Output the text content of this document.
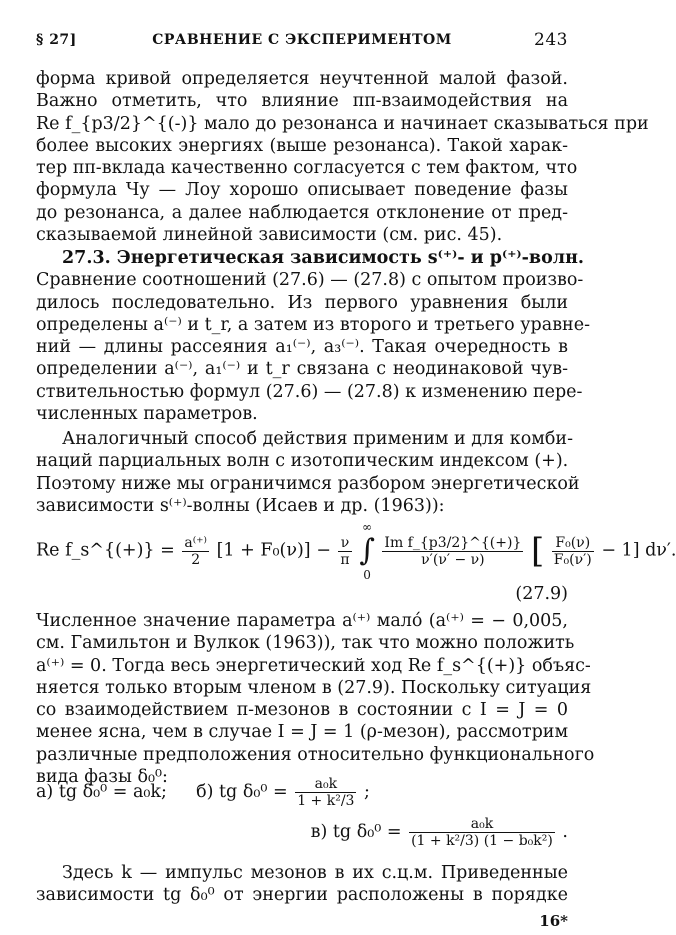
§ 27]	СРАВНЕНИЕ С ЭКСПЕРИМЕНТОМ	243
форма кривой определяется неучтенной малой фазой.
Важно отметить, что влияние ππ-взаимодействия на
Re f_{p3/2}^{(-)} мало до резонанса и начинает сказываться при
более высоких энергиях (выше резонанса). Такой харак-
тер ππ-вклада качественно согласуется с тем фактом, что
формула Чу — Лоу хорошо описывает поведение фазы
до резонанса, а далее наблюдается отклонение от пред-
сказываемой линейной зависимости (см. рис. 45).
27.3. Энергетическая зависимость s⁽⁺⁾- и p⁽⁺⁾-волн.
Сравнение соотношений (27.6) — (27.8) с опытом произво-
дилось последовательно. Из первого уравнения были
определены a⁽⁻⁾ и t_r, а затем из второго и третьего уравне-
ний — длины рассеяния a₁⁽⁻⁾, a₃⁽⁻⁾. Такая очередность в
определении a⁽⁻⁾, a₁⁽⁻⁾ и t_r связана с неодинаковой чув-
ствительностью формул (27.6) — (27.8) к изменению пере-
численных параметров.
Аналогичный способ действия применим и для комби-
наций парциальных волн с изотопическим индексом (+).
Поэтому ниже мы ограничимся разбором энергетической
зависимости s⁽⁺⁾-волны (Исаев и др. (1963)):
Re f_s^{(+)} = $\frac{a^{(+)}}{2} [1 + F_0(\nu)] - \frac{\nu}{\pi}$

∞
∫
0

$\frac{\text{Im f\_\{p3/2\}\textasciicircum{}\{(+)\}}}{\nu'(\nu' - \nu)}$ [ $\frac{\text{F₀(ν)}}{\text{F₀(ν′)}} - 1$] dν′.
(27.9)
Численное значение параметра a⁽⁺⁾ мало́ (a⁽⁺⁾ = − 0,005,
см. Гамильтон и Вулкок (1963)), так что можно положить
a⁽⁺⁾ = 0. Тогда весь энергетический ход Re f_s^{(+)} объяс-
няется только вторым членом в (27.9). Поскольку ситуация
со взаимодействием π-мезонов в состоянии с I = J = 0
менее ясна, чем в случае I = J = 1 (ρ-мезон), рассмотрим
различные предположения относительно функционального
вида фазы δ₀⁰:
а) tg δ₀⁰ = a₀k; б) tg $\delta_0^0 = \frac{\text{a₀k}}{\text{1 + k²/3}}$ ;
в) tg $\delta_0^0 = \frac{\text{a₀k}}{\text{(1 + k²/3) (1 − b₀k²)}}$ .
Здесь k — импульс мезонов в их с.ц.м. Приведенные
зависимости tg δ₀⁰ от энергии расположены в порядке
16*
